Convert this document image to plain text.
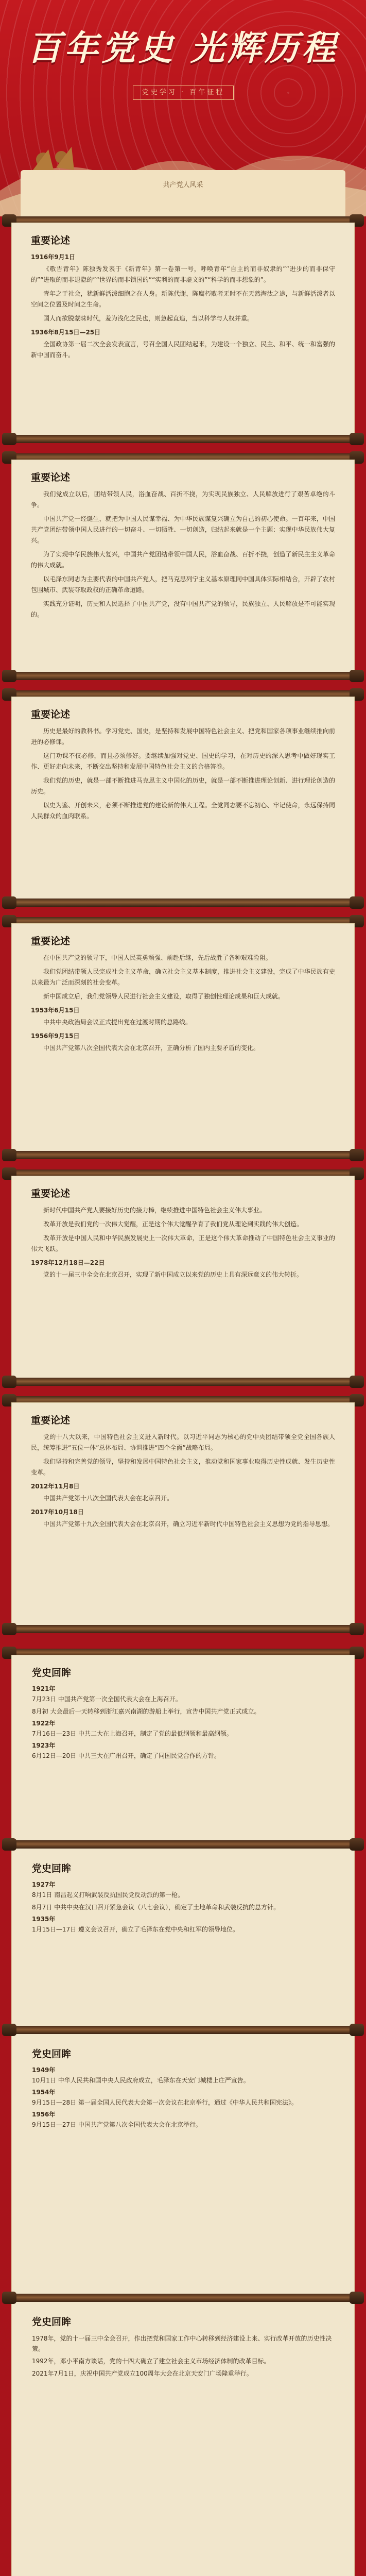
百年党史 光辉历程
党史学习 · 百年征程
共产党人风采
重要论述

1916年9月1日

《敬告青年》陈独秀发表于《新青年》第一卷第一号，呼唤青年“自主的而非奴隶的”“进步的而非保守的”“进取的而非退隐的”“世界的而非锁国的”“实利的而非虚文的”“科学的而非想象的”。

青年之于社会，犹新鲜活泼细胞之在人身。新陈代谢，陈腐朽败者无时不在天然淘汰之途，与新鲜活泼者以空间之位置及时间之生命。

国人而欲脱蒙昧时代，羞为浅化之民也，则急起直追，当以科学与人权并重。

1936年8月15日—25日

全国政协第一届二次全会发表宣言，号召全国人民团结起来，为建设一个独立、民主、和平、统一和富强的新中国而奋斗。

重要论述

我们党成立以后，团结带领人民，浴血奋战、百折不挠，为实现民族独立、人民解放进行了艰苦卓绝的斗争。

中国共产党一经诞生，就把为中国人民谋幸福、为中华民族谋复兴确立为自己的初心使命。一百年来，中国共产党团结带领中国人民进行的一切奋斗、一切牺牲、一切创造，归结起来就是一个主题：实现中华民族伟大复兴。

为了实现中华民族伟大复兴，中国共产党团结带领中国人民，浴血奋战、百折不挠，创造了新民主主义革命的伟大成就。

以毛泽东同志为主要代表的中国共产党人，把马克思列宁主义基本原理同中国具体实际相结合，开辟了农村包围城市、武装夺取政权的正确革命道路。

实践充分证明，历史和人民选择了中国共产党，没有中国共产党的领导，民族独立、人民解放是不可能实现的。

重要论述

历史是最好的教科书。学习党史、国史，是坚持和发展中国特色社会主义、把党和国家各项事业继续推向前进的必修课。

这门功课不仅必修，而且必须修好。要继续加强对党史、国史的学习，在对历史的深入思考中做好现实工作、更好走向未来，不断交出坚持和发展中国特色社会主义的合格答卷。

我们党的历史，就是一部不断推进马克思主义中国化的历史，就是一部不断推进理论创新、进行理论创造的历史。

以史为鉴、开创未来，必须不断推进党的建设新的伟大工程。全党同志要不忘初心、牢记使命，永远保持同人民群众的血肉联系。

重要论述

在中国共产党的领导下，中国人民英勇顽强、前赴后继，先后战胜了各种艰难险阻。

我们党团结带领人民完成社会主义革命，确立社会主义基本制度，推进社会主义建设，完成了中华民族有史以来最为广泛而深刻的社会变革。

新中国成立后，我们党领导人民进行社会主义建设，取得了独创性理论成果和巨大成就。

1953年6月15日

中共中央政治局会议正式提出党在过渡时期的总路线。

1956年9月15日

中国共产党第八次全国代表大会在北京召开，正确分析了国内主要矛盾的变化。

重要论述

新时代中国共产党人要接好历史的接力棒，继续推进中国特色社会主义伟大事业。

改革开放是我们党的一次伟大觉醒，正是这个伟大觉醒孕育了我们党从理论到实践的伟大创造。

改革开放是中国人民和中华民族发展史上一次伟大革命，正是这个伟大革命推动了中国特色社会主义事业的伟大飞跃。

1978年12月18日—22日

党的十一届三中全会在北京召开，实现了新中国成立以来党的历史上具有深远意义的伟大转折。

重要论述

党的十八大以来，中国特色社会主义进入新时代。以习近平同志为核心的党中央团结带领全党全国各族人民，统筹推进“五位一体”总体布局、协调推进“四个全面”战略布局。

我们坚持和完善党的领导，坚持和发展中国特色社会主义，推动党和国家事业取得历史性成就、发生历史性变革。

2012年11月8日

中国共产党第十八次全国代表大会在北京召开。

2017年10月18日

中国共产党第十九次全国代表大会在北京召开，确立习近平新时代中国特色社会主义思想为党的指导思想。

党史回眸
1921年
7月23日 中国共产党第一次全国代表大会在上海召开。
8月初 大会最后一天转移到浙江嘉兴南湖的游船上举行，宣告中国共产党正式成立。
1922年
7月16日—23日 中共二大在上海召开，制定了党的最低纲领和最高纲领。
1923年
6月12日—20日 中共三大在广州召开，确定了同国民党合作的方针。
党史回眸
1927年
8月1日 南昌起义打响武装反抗国民党反动派的第一枪。
8月7日 中共中央在汉口召开紧急会议（八七会议），确定了土地革命和武装反抗的总方针。
1935年
1月15日—17日 遵义会议召开，确立了毛泽东在党中央和红军的领导地位。
党史回眸
1949年
10月1日 中华人民共和国中央人民政府成立，毛泽东在天安门城楼上庄严宣告。
1954年
9月15日—28日 第一届全国人民代表大会第一次会议在北京举行，通过《中华人民共和国宪法》。
1956年
9月15日—27日 中国共产党第八次全国代表大会在北京举行。
党史回眸
1978年，党的十一届三中全会召开，作出把党和国家工作中心转移到经济建设上来、实行改革开放的历史性决策。
1992年，邓小平南方谈话，党的十四大确立了建立社会主义市场经济体制的改革目标。
2021年7月1日，庆祝中国共产党成立100周年大会在北京天安门广场隆重举行。
